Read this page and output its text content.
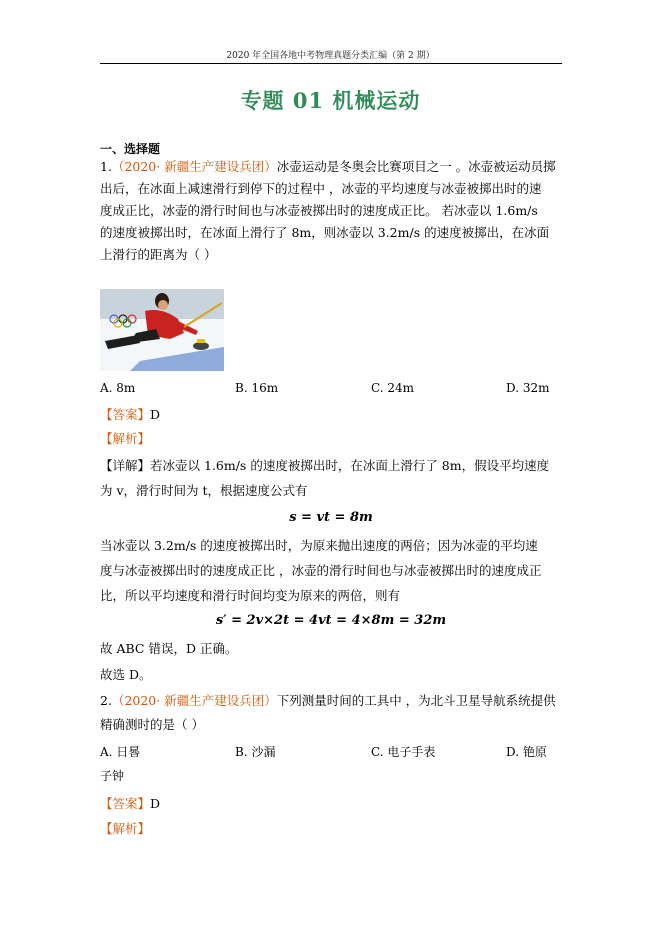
2020 年全国各地中考物理真题分类汇编（第 2 期）
专题 01 机械运动
一、选择题
1.（2020· 新疆生产建设兵团）冰壶运动是冬奥会比赛项目之一 。冰壶被运动员掷
出后，在冰面上减速滑行到停下的过程中 ，冰壶的平均速度与冰壶被掷出时的速
度成正比，冰壶的滑行时间也与冰壶被掷出时的速度成正比。 若冰壶以 1.6m/s
的速度被掷出时，在冰面上滑行了 8m，则冰壶以 3.2m/s 的速度被掷出，在冰面
上滑行的距离为（ ）
A. 8m	B. 16m	C. 24m	D. 32m
【答案】D
【解析】
【详解】若冰壶以 1.6m/s 的速度被掷出时，在冰面上滑行了 8m，假设平均速度
为 v，滑行时间为 t，根据速度公式有
s = vt = 8m
当冰壶以 3.2m/s 的速度被掷出时，为原来抛出速度的两倍；因为冰壶的平均速
度与冰壶被掷出时的速度成正比 ，冰壶的滑行时间也与冰壶被掷出时的速度成正
比，所以平均速度和滑行时间均变为原来的两倍，则有
s′ = 2v×2t = 4vt = 4×8m = 32m
故 ABC 错误，D 正确。
故选 D。
2.（2020· 新疆生产建设兵团）下列测量时间的工具中 ，为北斗卫星导航系统提供
精确测时的是（ ）
A. 日晷	B. 沙漏	C. 电子手表	D. 铯原
子钟
【答案】D
【解析】
